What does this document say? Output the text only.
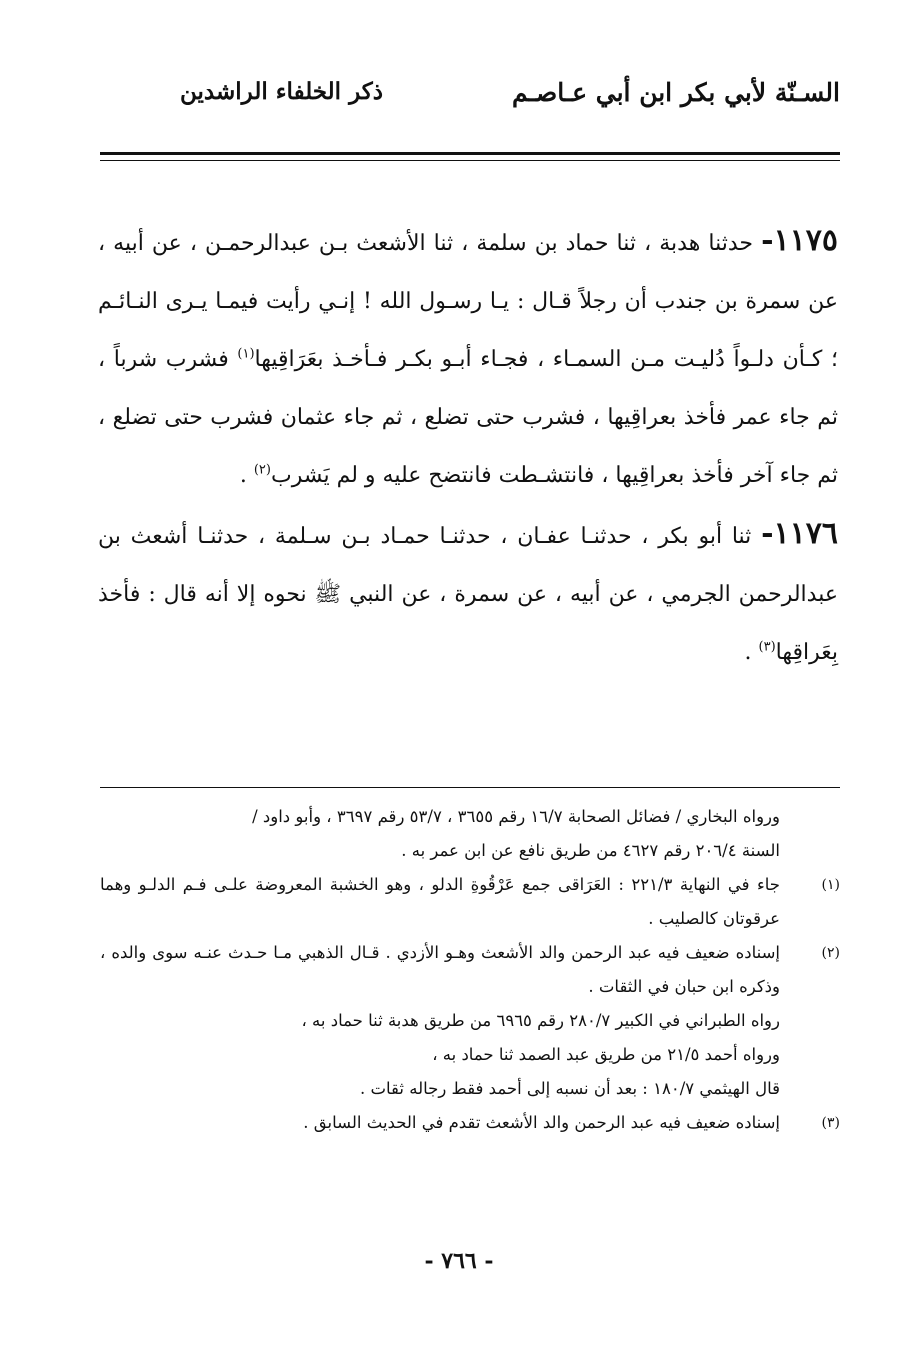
السـنّة لأبي بكر ابن أبي عـاصـم
ذكر الخلفاء الراشدين

١١٧٥- حدثنا هدبة ، ثنا حماد بن سلمة ، ثنا الأشعث بـن عبدالرحمـن ، عن أبيه ، عن سمرة بن جندب أن رجلاً قـال : يـا رسـول الله ! إنـي رأيت فيمـا يـرى النـائـم ؛ كـأن دلـواً دُليـت مـن السمـاء ، فجـاء أبـو بكـر فـأخـذ بعَرَاقِيها$^{(١)}$ فشرب شرباً ، ثم جاء عمر فأخذ بعراقِيها ، فشرب حتى تضلع ، ثم جاء عثمان فشرب حتى تضلع ، ثم جاء آخر فأخذ بعراقِيها ، فانتشـطت فانتضح عليه و لم يَشرب$^{(٢)}$ .

١١٧٦- ثنا أبو بكر ، حدثنـا عفـان ، حدثنـا حمـاد بـن سـلمة ، حدثنـا أشعث بن عبدالرحمن الجرمي ، عن أبيه ، عن سمرة ، عن النبي ﷺ نحوه إلا أنه قال : فأخذ بِعَراقِها$^{(٣)}$ .

ورواه البخاري / فضائل الصحابة ١٦/٧ رقم ٣٦٥٥ ، ٥٣/٧ رقم ٣٦٩٧ ، وأبو داود /

السنة ٢٠٦/٤ رقم ٤٦٢٧ من طريق نافع عن ابن عمر به .

(١)
جاء في النهاية ٢٢١/٣ : العَرَاقى جمع عَرْقُوةِ الدلو ، وهو الخشبة المعروضة علـى فـم الدلـو وهما عرقوتان كالصليب .
(٢)
إسناده ضعيف فيه عبد الرحمن والد الأشعث وهـو الأزدي . قـال الذهبي مـا حـدث عنـه سوى والده ، وذكره ابن حبان في الثقات .

رواه الطبراني في الكبير ٢٨٠/٧ رقم ٦٩٦٥ من طريق هدبة ثنا حماد به ،

ورواه أحمد ٢١/٥ من طريق عبد الصمد ثنا حماد به ،

قال الهيثمي ١٨٠/٧ : بعد أن نسبه إلى أحمد فقط رجاله ثقات .

(٣)
إسناده ضعيف فيه عبد الرحمن والد الأشعث تقدم في الحديث السابق .
- ٧٦٦ -
